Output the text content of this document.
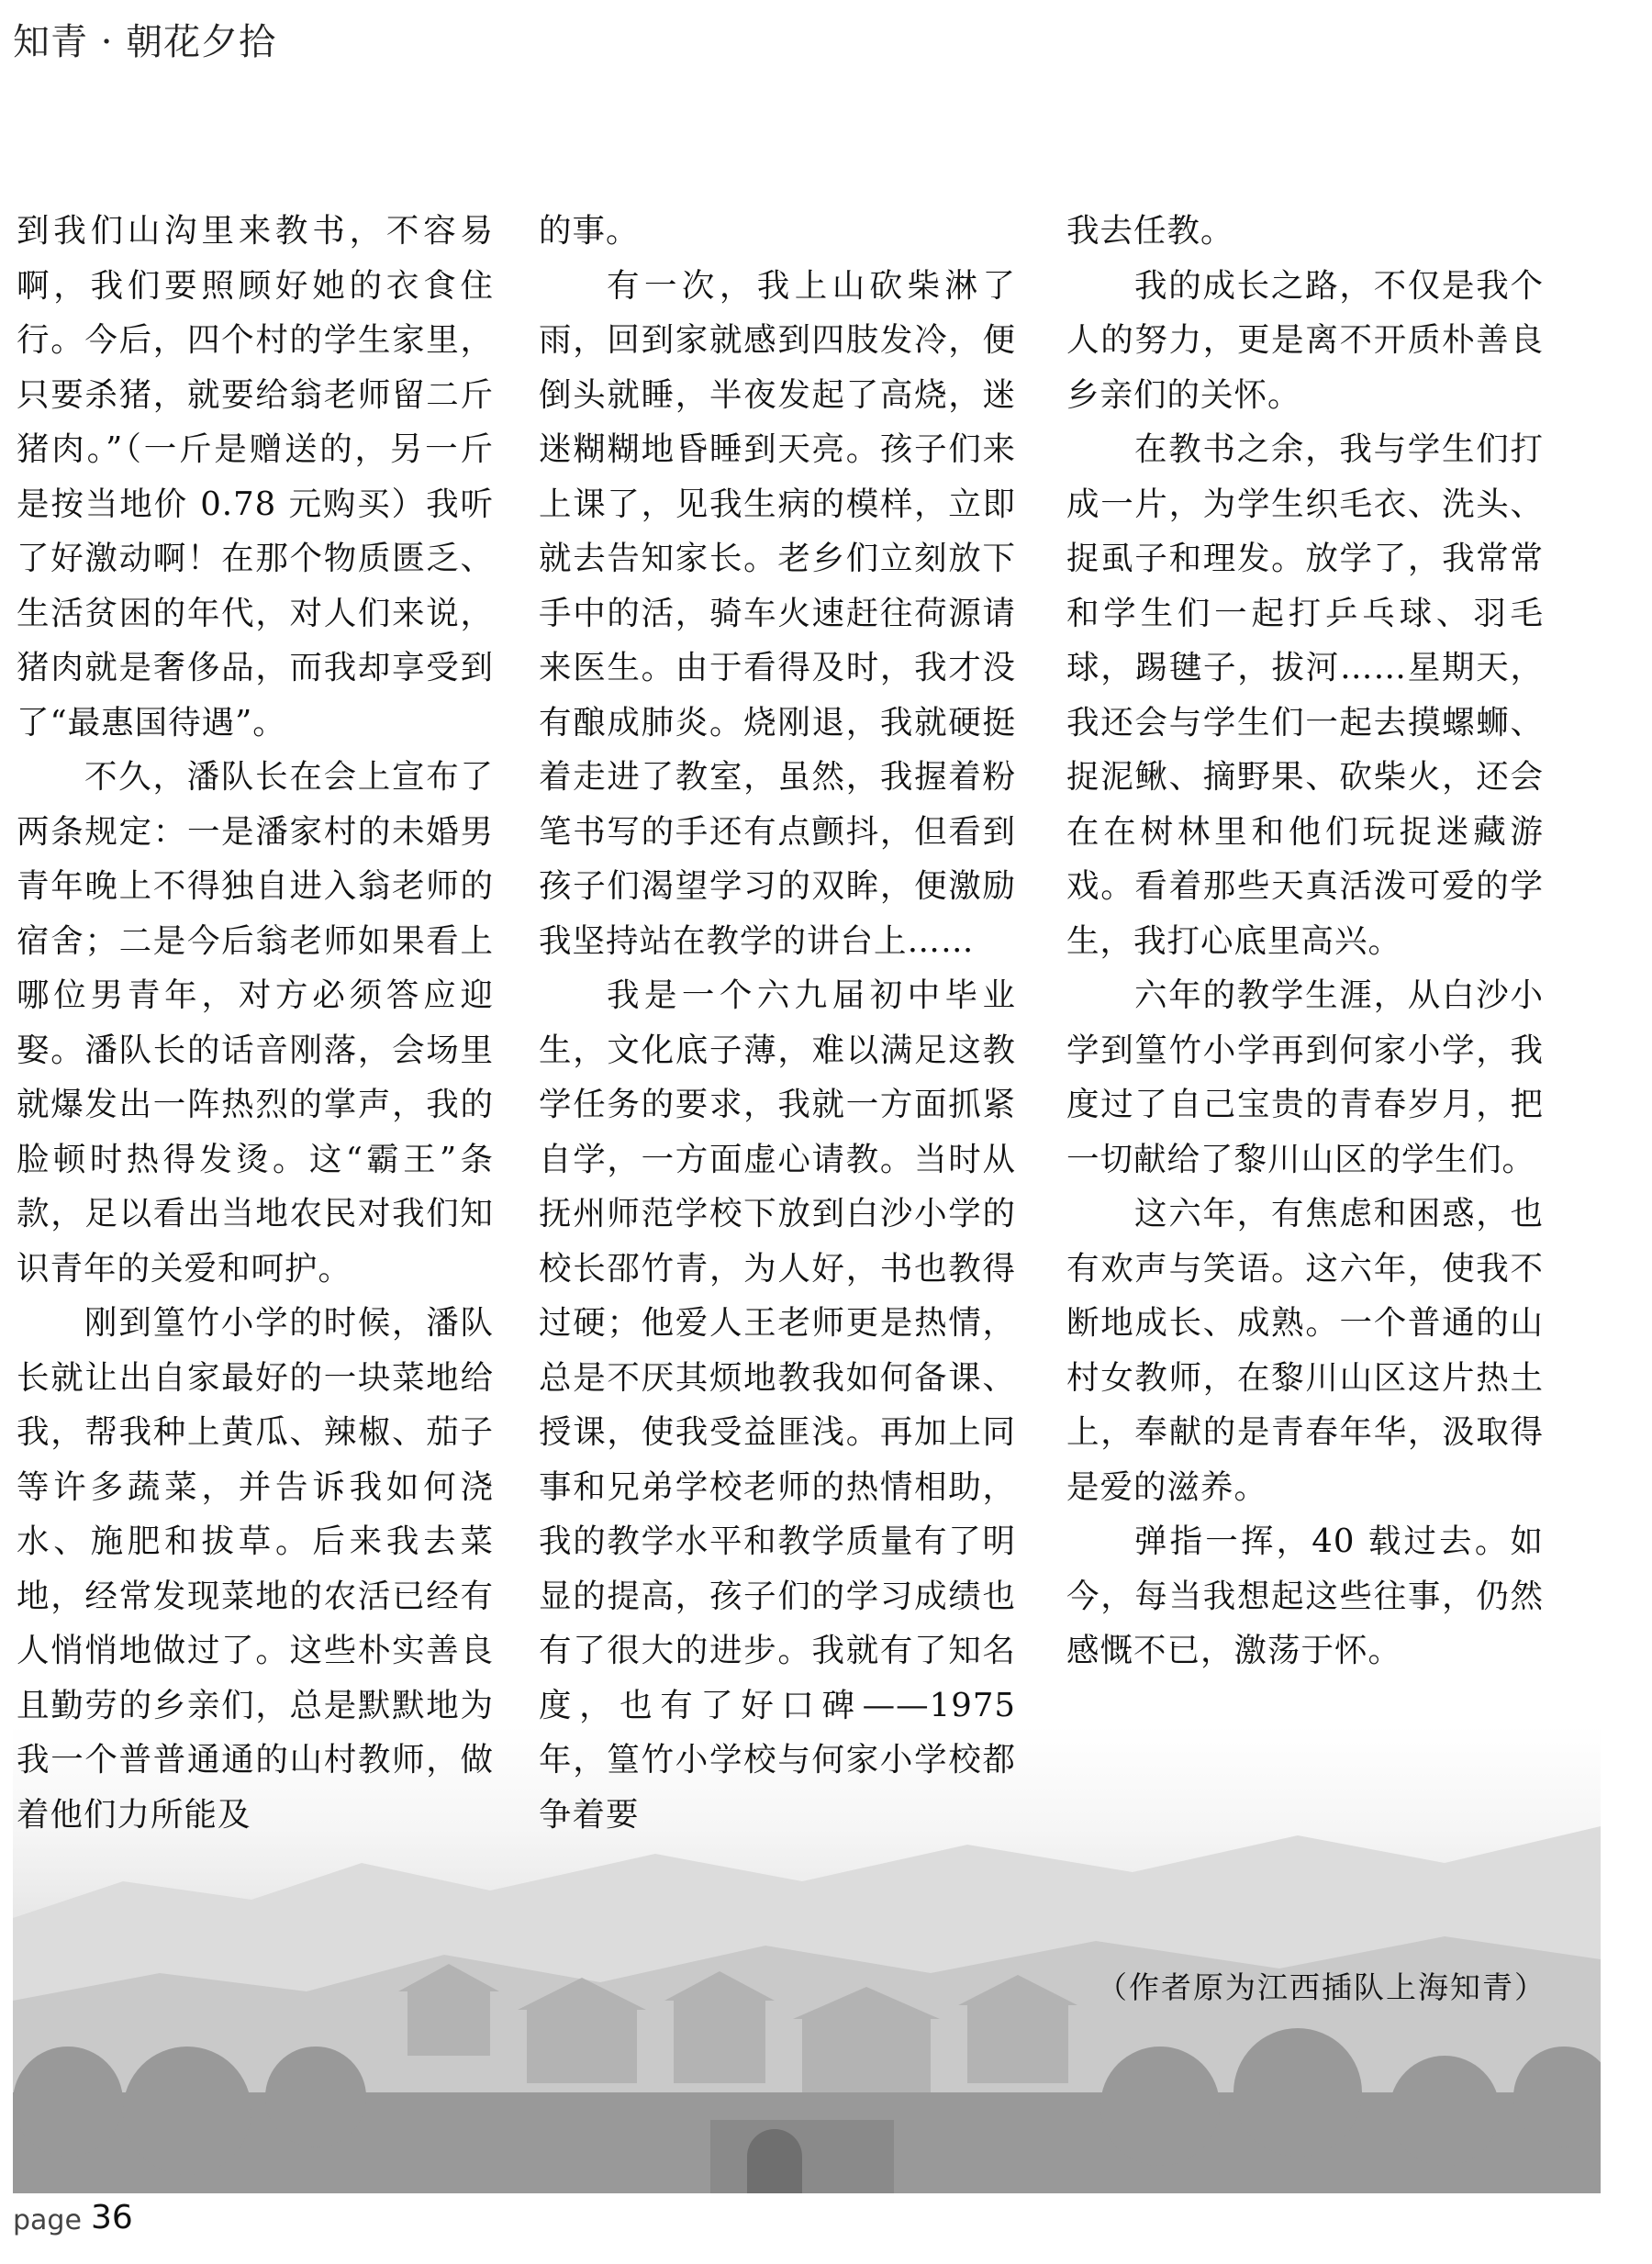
知青 · 朝花夕拾

到我们山沟里来教书，不容易啊，我们要照顾好她的衣食住行。今后，四个村的学生家里，只要杀猪，就要给翁老师留二斤猪肉。”（一斤是赠送的，另一斤是按当地价 0.78 元购买）我听了好激动啊！在那个物质匮乏、生活贫困的年代，对人们来说，猪肉就是奢侈品，而我却享受到了“最惠国待遇”。

不久，潘队长在会上宣布了两条规定：一是潘家村的未婚男青年晚上不得独自进入翁老师的宿舍；二是今后翁老师如果看上哪位男青年，对方必须答应迎娶。潘队长的话音刚落，会场里就爆发出一阵热烈的掌声，我的脸顿时热得发烫。这“霸王”条款，足以看出当地农民对我们知识青年的关爱和呵护。

刚到篁竹小学的时候，潘队长就让出自家最好的一块菜地给我，帮我种上黄瓜、辣椒、茄子等许多蔬菜，并告诉我如何浇水、施肥和拔草。后来我去菜地，经常发现菜地的农活已经有人悄悄地做过了。这些朴实善良且勤劳的乡亲们，总是默默地为我一个普普通通的山村教师，做着他们力所能及

的事。

有一次，我上山砍柴淋了雨，回到家就感到四肢发冷，便倒头就睡，半夜发起了高烧，迷迷糊糊地昏睡到天亮。孩子们来上课了，见我生病的模样，立即就去告知家长。老乡们立刻放下手中的活，骑车火速赶往荷源请来医生。由于看得及时，我才没有酿成肺炎。烧刚退，我就硬挺着走进了教室，虽然，我握着粉笔书写的手还有点颤抖，但看到孩子们渴望学习的双眸，便激励我坚持站在教学的讲台上……

我是一个六九届初中毕业生，文化底子薄，难以满足这教学任务的要求，我就一方面抓紧自学，一方面虚心请教。当时从抚州师范学校下放到白沙小学的校长邵竹青，为人好，书也教得过硬；他爱人王老师更是热情，总是不厌其烦地教我如何备课、授课，使我受益匪浅。再加上同事和兄弟学校老师的热情相助，我的教学水平和教学质量有了明显的提高，孩子们的学习成绩也有了很大的进步。我就有了知名度，也有了好口碑——1975 年，篁竹小学校与何家小学校都争着要

我去任教。

我的成长之路，不仅是我个人的努力，更是离不开质朴善良乡亲们的关怀。

在教书之余，我与学生们打成一片，为学生织毛衣、洗头、捉虱子和理发。放学了，我常常和学生们一起打乒乓球、羽毛球，踢毽子，拔河……星期天，我还会与学生们一起去摸螺蛳、捉泥鳅、摘野果、砍柴火，还会在在树林里和他们玩捉迷藏游戏。看着那些天真活泼可爱的学生，我打心底里高兴。

六年的教学生涯，从白沙小学到篁竹小学再到何家小学，我度过了自己宝贵的青春岁月，把一切献给了黎川山区的学生们。

这六年，有焦虑和困惑，也有欢声与笑语。这六年，使我不断地成长、成熟。一个普通的山村女教师，在黎川山区这片热土上，奉献的是青春年华，汲取得是爱的滋养。

弹指一挥，40 载过去。如今，每当我想起这些往事，仍然感慨不已，激荡于怀。

（作者原为江西插队上海知青）
page 36
